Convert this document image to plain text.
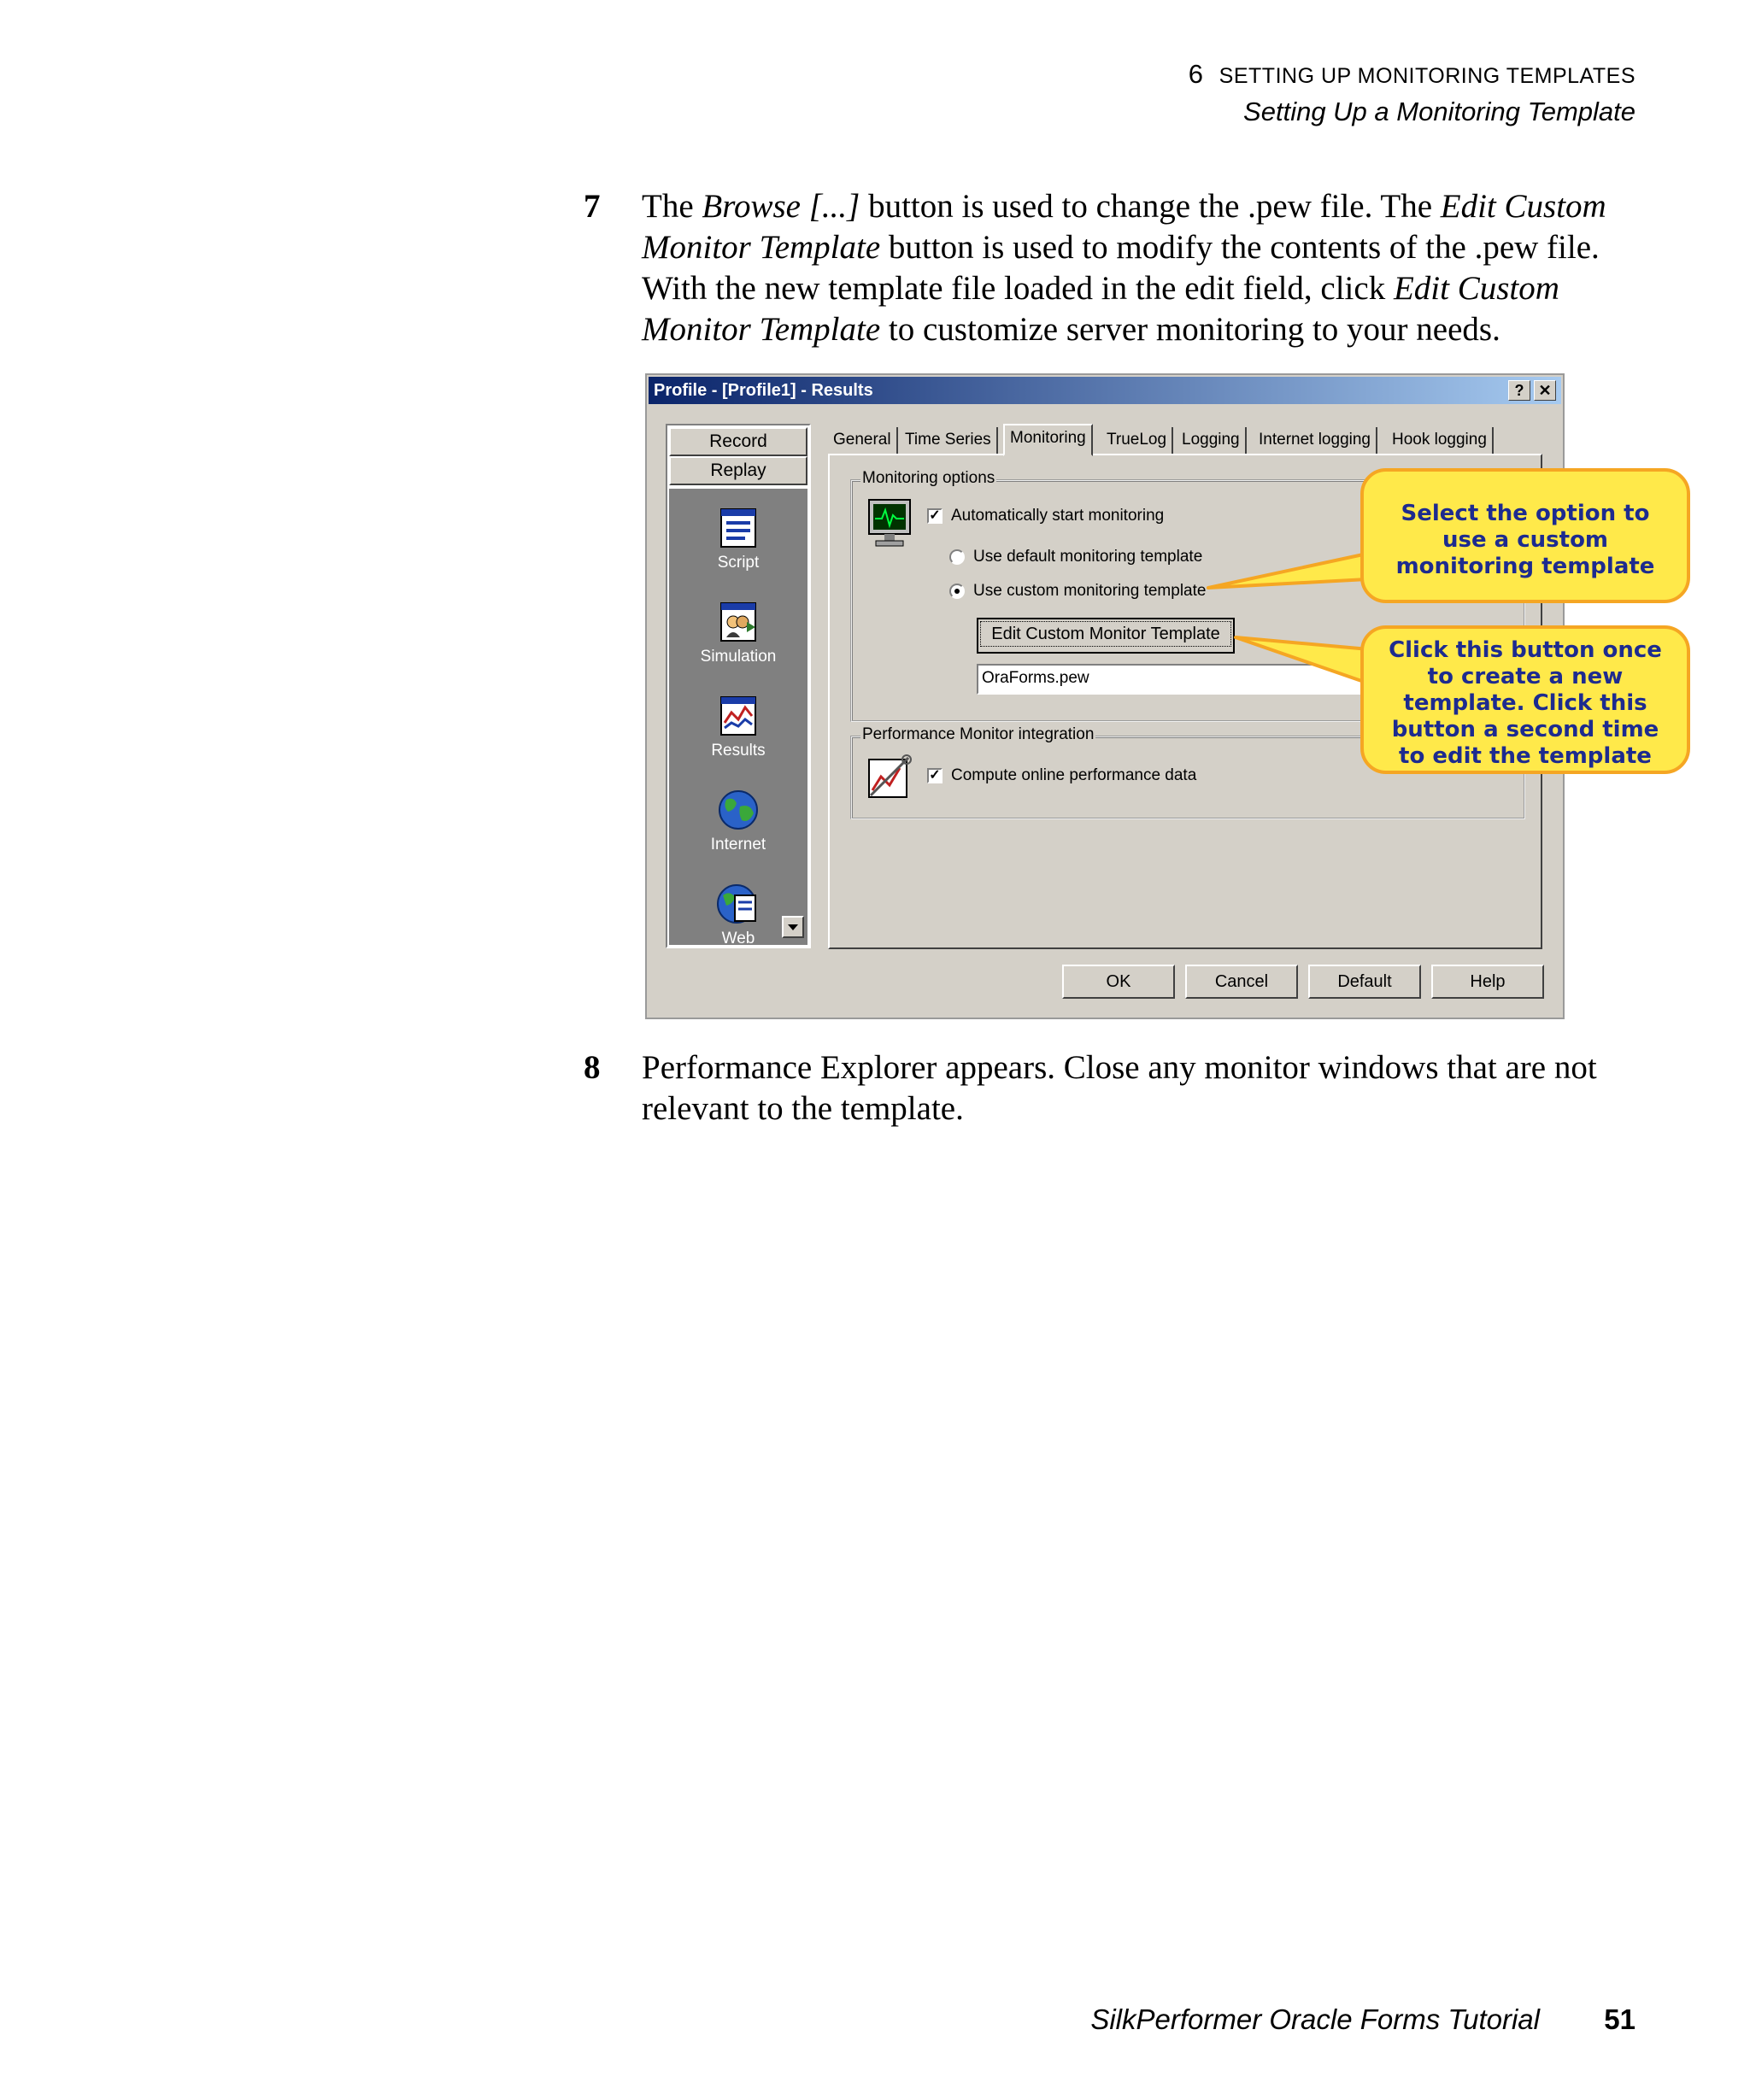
6 SETTING UP MONITORING TEMPLATES
Setting Up a Monitoring Template
7 The Browse [...] button is used to change the .pew file. The Edit Custom Monitor Template button is used to modify the contents of the .pew file. With the new template file loaded in the edit field, click Edit Custom Monitor Template to customize server monitoring to your needs.
Profile - [Profile1] - Results	? ✕
Record
Replay
Script
Simulation
Results
Internet
Web
General Time Series	Monitoring	TrueLog Logging	Internet logging	Hook logging
Monitoring options
✓ Automatically start monitoring
Use default monitoring template
Use custom monitoring template
Edit Custom Monitor Template
OraForms.pew
Performance Monitor integration
✓ Compute online performance data
OK	Cancel	Default	Help
Select the option to use a custom monitoring template
Click this button once to create a new template. Click this button a second time to edit the template
8 Performance Explorer appears. Close any monitor windows that are not relevant to the template.
SilkPerformer Oracle Forms Tutorial 51
